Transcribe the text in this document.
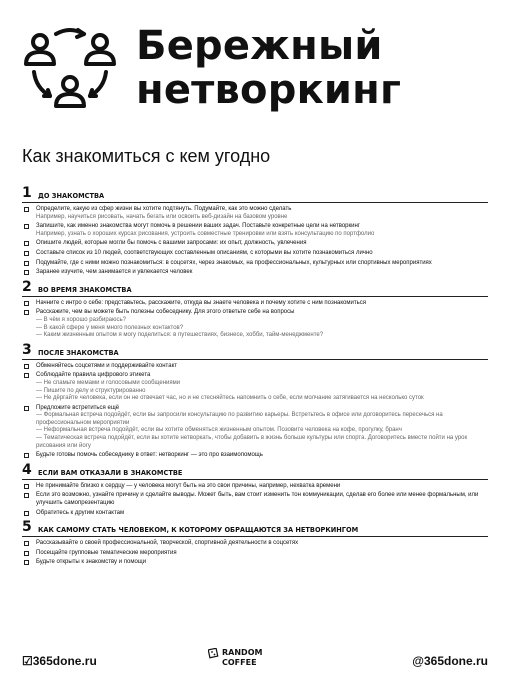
Бережный
нетворкинг
Как знакомиться с кем угодно
1 ДО ЗНАКОМСТВА
Определите, какую из сфер жизни вы хотите подтянуть. Подумайте, как это можно сделать
Например, научиться рисовать, начать бегать или освоить веб-дизайн на базовом уровне
Запишите, как именно знакомства могут помочь в решении ваших задач. Поставьте конкретные цели на нетворкинг
Например, узнать о хороших курсах рисования, устроить совместные тренировки или взять консультацию по портфолио
Опишите людей, которые могли бы помочь с вашими запросами: их опыт, должность, увлечения
Составьте список из 10 людей, соответствующих составленным описаниям, с которыми вы хотите познакомиться лично
Подумайте, где с ними можно познакомиться: в соцсетях, через знакомых, на профессиональных, культурных или спортивных мероприятиях
Заранее изучите, чем занимается и увлекается человек
2 ВО ВРЕМЯ ЗНАКОМСТВА
Начните с интро о себе: представьтесь, расскажите, откуда вы знаете человека и почему хотите с ним познакомиться
Расскажите, чем вы можете быть полезны собеседнику. Для этого ответьте себе на вопросы
— В чём я хорошо разбираюсь?
— В какой сфере у меня много полезных контактов?
— Каким жизненным опытом я могу поделиться: в путешествиях, бизнесе, хобби, тайм-менеджменте?
3 ПОСЛЕ ЗНАКОМСТВА
Обменяйтесь соцсетями и поддерживайте контакт
Соблюдайте правила цифрового этикета
— Не спамьте мемами и голосовыми сообщениями
— Пишите по делу и структурированно
— Не дёргайте человека, если он не отвечает час, но и не стесняйтесь напомнить о себе, если молчание затягивается на несколько суток
Предложите встретиться ещё
— Формальная встреча подойдёт, если вы запросили консультацию по развитию карьеры. Встретьтесь в офисе или договоритесь пересечься на профессиональном мероприятии
— Неформальная встреча подойдёт, если вы хотите обменяться жизненным опытом. Позовите человека на кофе, прогулку, бранч
— Тематическая встреча подойдёт, если вы хотите нетворкать, чтобы добавить в жизнь больше культуры или спорта. Договоритесь вместе пойти на урок рисования или йогу
Будьте готовы помочь собеседнику в ответ: нетворкинг — это про взаимопомощь
4 ЕСЛИ ВАМ ОТКАЗАЛИ В ЗНАКОМСТВЕ
Не принимайте близко к сердцу — у человека могут быть на это свои причины, например, нехватка времени
Если это возможно, узнайте причину и сделайте выводы. Может быть, вам стоит изменить тон коммуникации, сделав его более или менее формальным, или улучшить самопрезентацию
Обратитесь к другим контактам
5 КАК САМОМУ СТАТЬ ЧЕЛОВЕКОМ, К КОТОРОМУ ОБРАЩАЮТСЯ ЗА НЕТВОРКИНГОМ
Рассказывайте о своей профессиональной, творческой, спортивной деятельности в соцсетях
Посещайте групповые тематические мероприятия
Будьте открыты к знакомству и помощи
☑365done.ru
RANDOM
COFFEE	@365done.ru
